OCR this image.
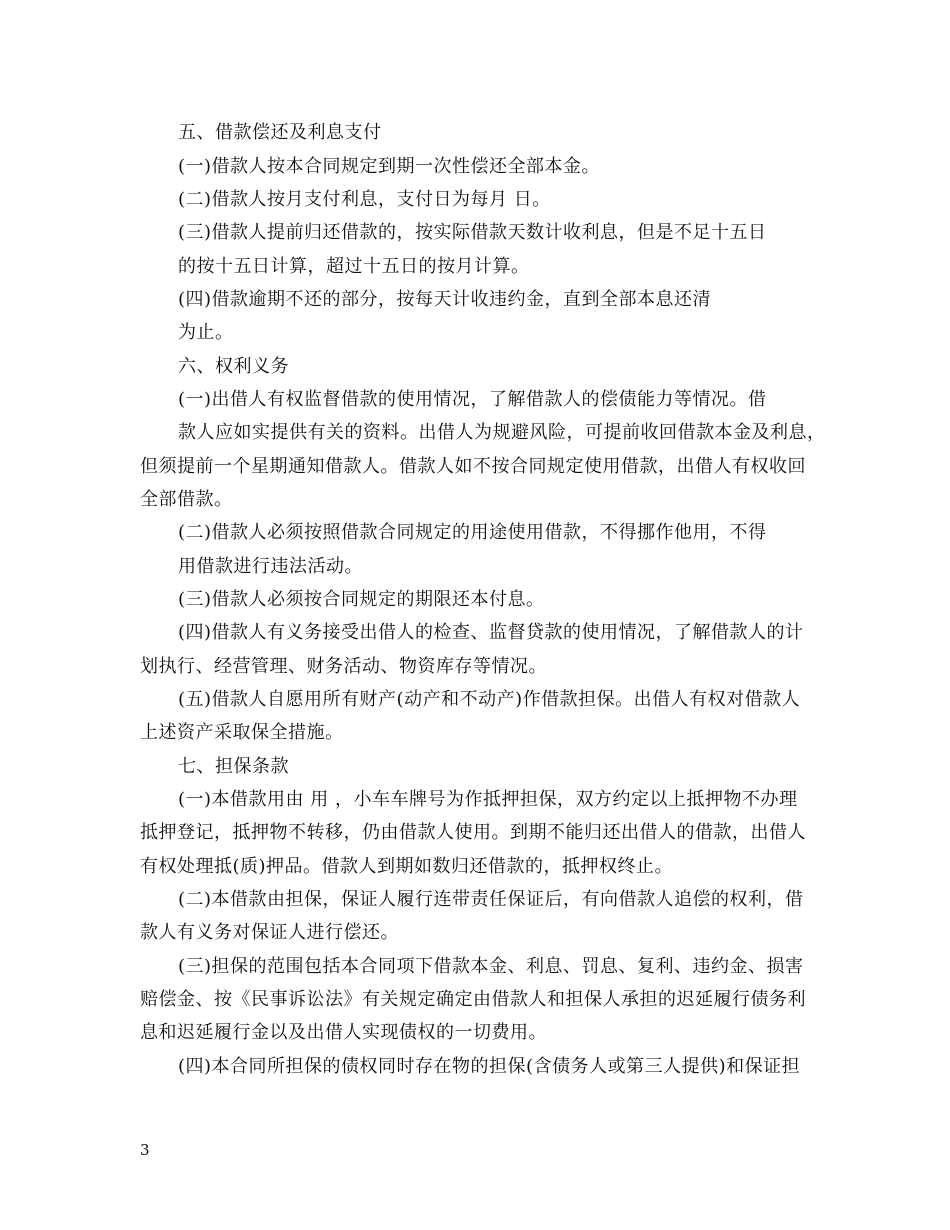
五、借款偿还及利息支付
(一)借款人按本合同规定到期一次性偿还全部本金。
(二)借款人按月支付利息，支付日为每月 日。
(三)借款人提前归还借款的，按实际借款天数计收利息，但是不足十五日
的按十五日计算，超过十五日的按月计算。
(四)借款逾期不还的部分，按每天计收违约金，直到全部本息还清
为止。
六、权利义务
(一)出借人有权监督借款的使用情况，了解借款人的偿债能力等情况。借
款人应如实提供有关的资料。出借人为规避风险，可提前收回借款本金及利息，
但须提前一个星期通知借款人。借款人如不按合同规定使用借款，出借人有权收回
全部借款。
(二)借款人必须按照借款合同规定的用途使用借款，不得挪作他用，不得
用借款进行违法活动。
(三)借款人必须按合同规定的期限还本付息。
(四)借款人有义务接受出借人的检查、监督贷款的使用情况，了解借款人的计
划执行、经营管理、财务活动、物资库存等情况。
(五)借款人自愿用所有财产(动产和不动产)作借款担保。出借人有权对借款人
上述资产采取保全措施。
七、担保条款
(一)本借款用由 用 ，小车车牌号为作抵押担保，双方约定以上抵押物不办理
抵押登记，抵押物不转移，仍由借款人使用。到期不能归还出借人的借款，出借人
有权处理抵(质)押品。借款人到期如数归还借款的，抵押权终止。
(二)本借款由担保，保证人履行连带责任保证后，有向借款人追偿的权利，借
款人有义务对保证人进行偿还。
(三)担保的范围包括本合同项下借款本金、利息、罚息、复利、违约金、损害
赔偿金、按《民事诉讼法》有关规定确定由借款人和担保人承担的迟延履行债务利
息和迟延履行金以及出借人实现债权的一切费用。
(四)本合同所担保的债权同时存在物的担保(含债务人或第三人提供)和保证担
3
